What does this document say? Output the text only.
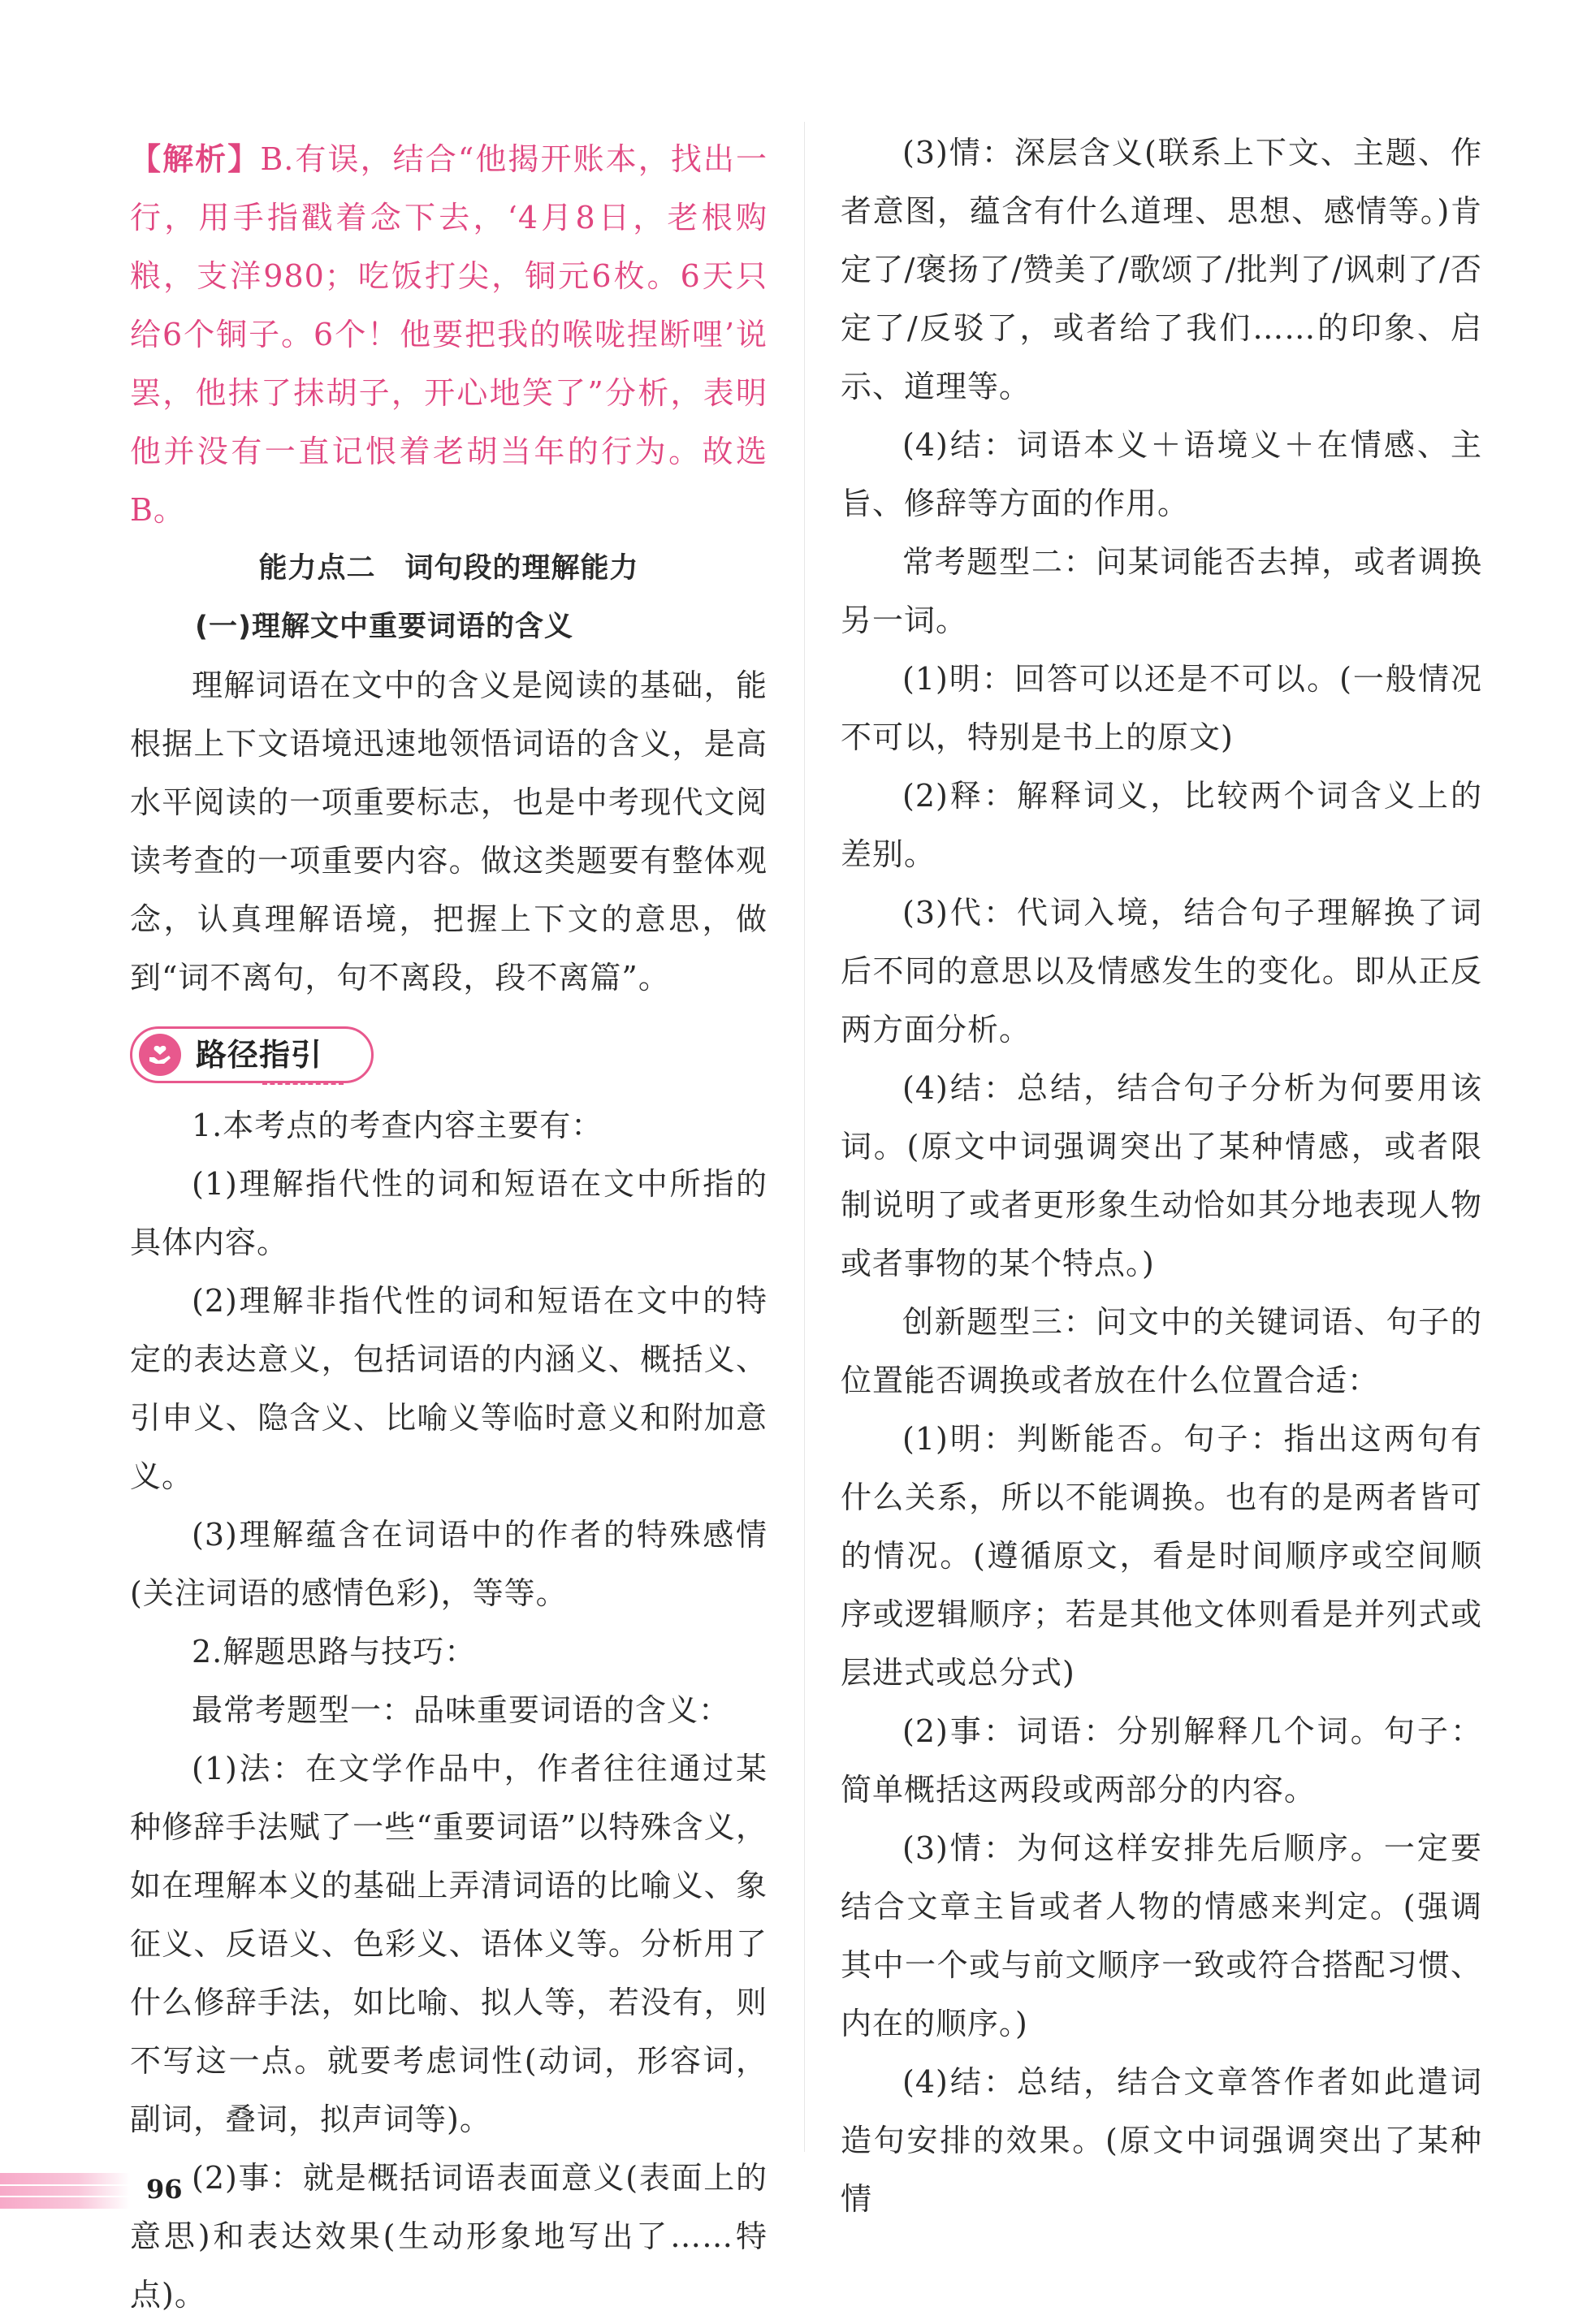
【解析】B.有误，结合“他揭开账本，找出一行，用手指戳着念下去，‘4月8日，老根购粮，支洋980；吃饭打尖，铜元6枚。6天只给6个铜子。6个！他要把我的喉咙捏断哩’说罢，他抹了抹胡子，开心地笑了”分析，表明他并没有一直记恨着老胡当年的行为。故选B。

能力点二　词句段的理解能力

(一)理解文中重要词语的含义

理解词语在文中的含义是阅读的基础，能根据上下文语境迅速地领悟词语的含义，是高水平阅读的一项重要标志，也是中考现代文阅读考查的一项重要内容。做这类题要有整体观念，认真理解语境，把握上下文的意思，做到“词不离句，句不离段，段不离篇”。

路径指引

1.本考点的考查内容主要有：

(1)理解指代性的词和短语在文中所指的具体内容。

(2)理解非指代性的词和短语在文中的特定的表达意义，包括词语的内涵义、概括义、引申义、隐含义、比喻义等临时意义和附加意义。

(3)理解蕴含在词语中的作者的特殊感情(关注词语的感情色彩)，等等。

2.解题思路与技巧：

最常考题型一：品味重要词语的含义：

(1)法：在文学作品中，作者往往通过某种修辞手法赋了一些“重要词语”以特殊含义，如在理解本义的基础上弄清词语的比喻义、象征义、反语义、色彩义、语体义等。分析用了什么修辞手法，如比喻、拟人等，若没有，则不写这一点。就要考虑词性(动词，形容词，副词，叠词，拟声词等)。

(2)事：就是概括词语表面意义(表面上的意思)和表达效果(生动形象地写出了……特点)。

(3)情：深层含义(联系上下文、主题、作者意图，蕴含有什么道理、思想、感情等。)肯定了/褒扬了/赞美了/歌颂了/批判了/讽刺了/否定了/反驳了，或者给了我们……的印象、启示、道理等。

(4)结：词语本义＋语境义＋在情感、主旨、修辞等方面的作用。

常考题型二：问某词能否去掉，或者调换另一词。

(1)明：回答可以还是不可以。(一般情况不可以，特别是书上的原文)

(2)释：解释词义，比较两个词含义上的差别。

(3)代：代词入境，结合句子理解换了词后不同的意思以及情感发生的变化。即从正反两方面分析。

(4)结：总结，结合句子分析为何要用该词。(原文中词强调突出了某种情感，或者限制说明了或者更形象生动恰如其分地表现人物或者事物的某个特点。)

创新题型三：问文中的关键词语、句子的位置能否调换或者放在什么位置合适：

(1)明：判断能否。句子：指出这两句有什么关系，所以不能调换。也有的是两者皆可的情况。(遵循原文，看是时间顺序或空间顺序或逻辑顺序；若是其他文体则看是并列式或层进式或总分式)

(2)事：词语：分别解释几个词。句子：简单概括这两段或两部分的内容。

(3)情：为何这样安排先后顺序。一定要结合文章主旨或者人物的情感来判定。(强调其中一个或与前文顺序一致或符合搭配习惯、内在的顺序。)

(4)结：总结，结合文章答作者如此遣词造句安排的效果。(原文中词强调突出了某种情

96
